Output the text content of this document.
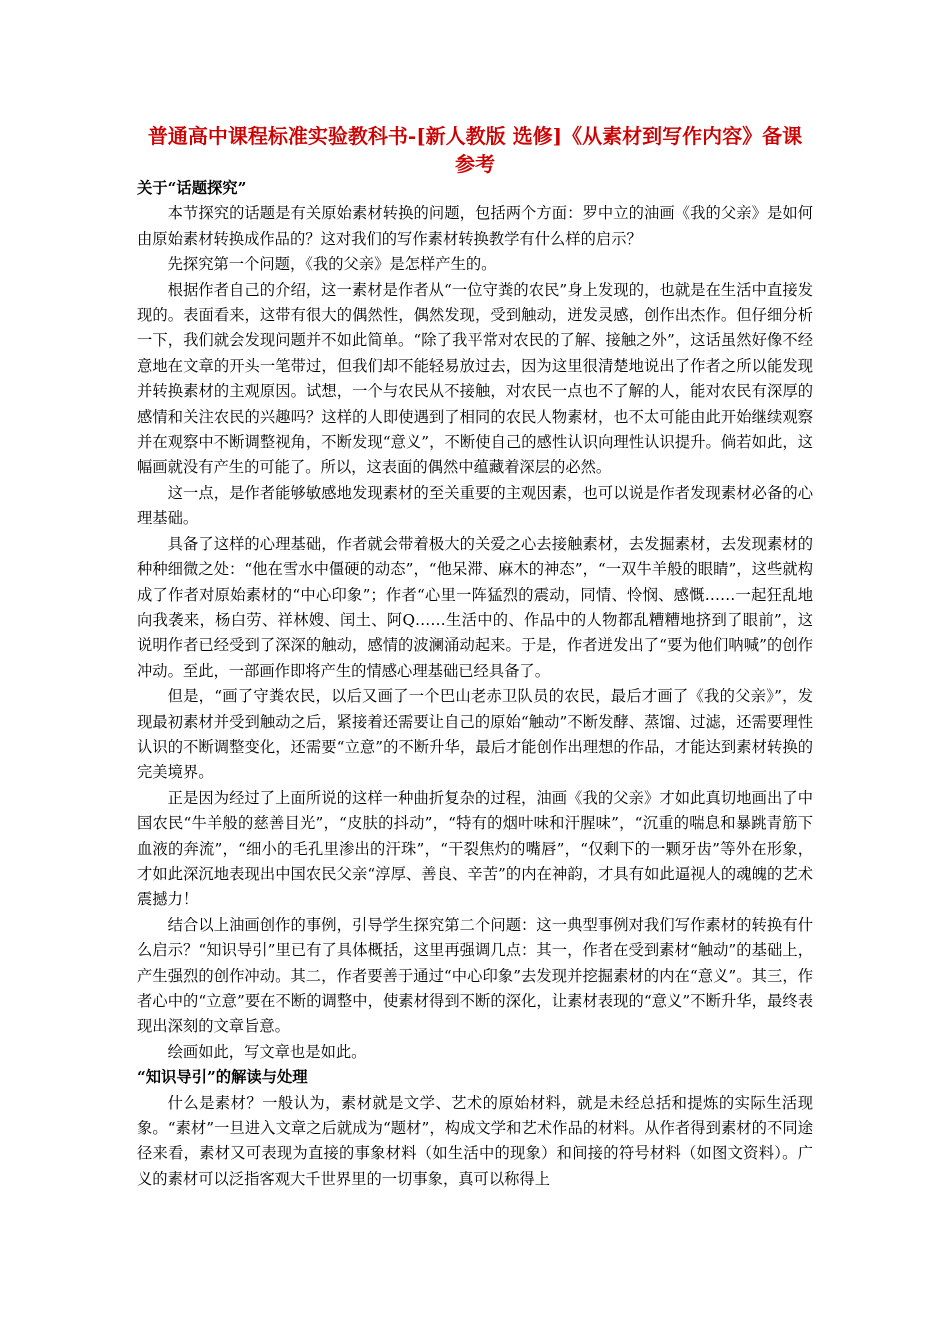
普通高中课程标准实验教科书-[新人教版 选修]《从素材到写作内容》备课参考
关于“话题探究”

本节探究的话题是有关原始素材转换的问题，包括两个方面：罗中立的油画《我的父亲》是如何由原始素材转换成作品的？这对我们的写作素材转换教学有什么样的启示？

先探究第一个问题，《我的父亲》是怎样产生的。

根据作者自己的介绍，这一素材是作者从“一位守粪的农民”身上发现的，也就是在生活中直接发现的。表面看来，这带有很大的偶然性，偶然发现，受到触动，迸发灵感，创作出杰作。但仔细分析一下，我们就会发现问题并不如此简单。“除了我平常对农民的了解、接触之外”，这话虽然好像不经意地在文章的开头一笔带过，但我们却不能轻易放过去，因为这里很清楚地说出了作者之所以能发现并转换素材的主观原因。试想，一个与农民从不接触，对农民一点也不了解的人，能对农民有深厚的感情和关注农民的兴趣吗？这样的人即使遇到了相同的农民人物素材，也不太可能由此开始继续观察并在观察中不断调整视角，不断发现“意义”，不断使自己的感性认识向理性认识提升。倘若如此，这幅画就没有产生的可能了。所以，这表面的偶然中蕴藏着深层的必然。

这一点，是作者能够敏感地发现素材的至关重要的主观因素，也可以说是作者发现素材必备的心理基础。

具备了这样的心理基础，作者就会带着极大的关爱之心去接触素材，去发掘素材，去发现素材的种种细微之处：“他在雪水中僵硬的动态”，“他呆滞、麻木的神态”，“一双牛羊般的眼睛”，这些就构成了作者对原始素材的“中心印象”；作者“心里一阵猛烈的震动，同情、怜悯、感慨……一起狂乱地向我袭来，杨白劳、祥林嫂、闰土、阿Q……生活中的、作品中的人物都乱糟糟地挤到了眼前”，这说明作者已经受到了深深的触动，感情的波澜涌动起来。于是，作者迸发出了“要为他们呐喊”的创作冲动。至此，一部画作即将产生的情感心理基础已经具备了。

但是，“画了守粪农民，以后又画了一个巴山老赤卫队员的农民，最后才画了《我的父亲》”，发现最初素材并受到触动之后，紧接着还需要让自己的原始“触动”不断发酵、蒸馏、过滤，还需要理性认识的不断调整变化，还需要“立意”的不断升华，最后才能创作出理想的作品，才能达到素材转换的完美境界。

正是因为经过了上面所说的这样一种曲折复杂的过程，油画《我的父亲》才如此真切地画出了中国农民“牛羊般的慈善目光”，“皮肤的抖动”，“特有的烟叶味和汗腥味”，“沉重的喘息和暴跳青筋下血液的奔流”，“细小的毛孔里渗出的汗珠”，“干裂焦灼的嘴唇”，“仅剩下的一颗牙齿”等外在形象，才如此深沉地表现出中国农民父亲“淳厚、善良、辛苦”的内在神韵，才具有如此逼视人的魂魄的艺术震撼力！

结合以上油画创作的事例，引导学生探究第二个问题：这一典型事例对我们写作素材的转换有什么启示？“知识导引”里已有了具体概括，这里再强调几点：其一，作者在受到素材“触动”的基础上，产生强烈的创作冲动。其二，作者要善于通过“中心印象”去发现并挖掘素材的内在“意义”。其三，作者心中的“立意”要在不断的调整中，使素材得到不断的深化，让素材表现的“意义”不断升华，最终表现出深刻的文章旨意。

绘画如此，写文章也是如此。

“知识导引”的解读与处理

什么是素材？一般认为，素材就是文学、艺术的原始材料，就是未经总括和提炼的实际生活现象。“素材”一旦进入文章之后就成为“题材”，构成文学和艺术作品的材料。从作者得到素材的不同途径来看，素材又可表现为直接的事象材料（如生活中的现象）和间接的符号材料（如图文资料）。广义的素材可以泛指客观大千世界里的一切事象，真可以称得上
